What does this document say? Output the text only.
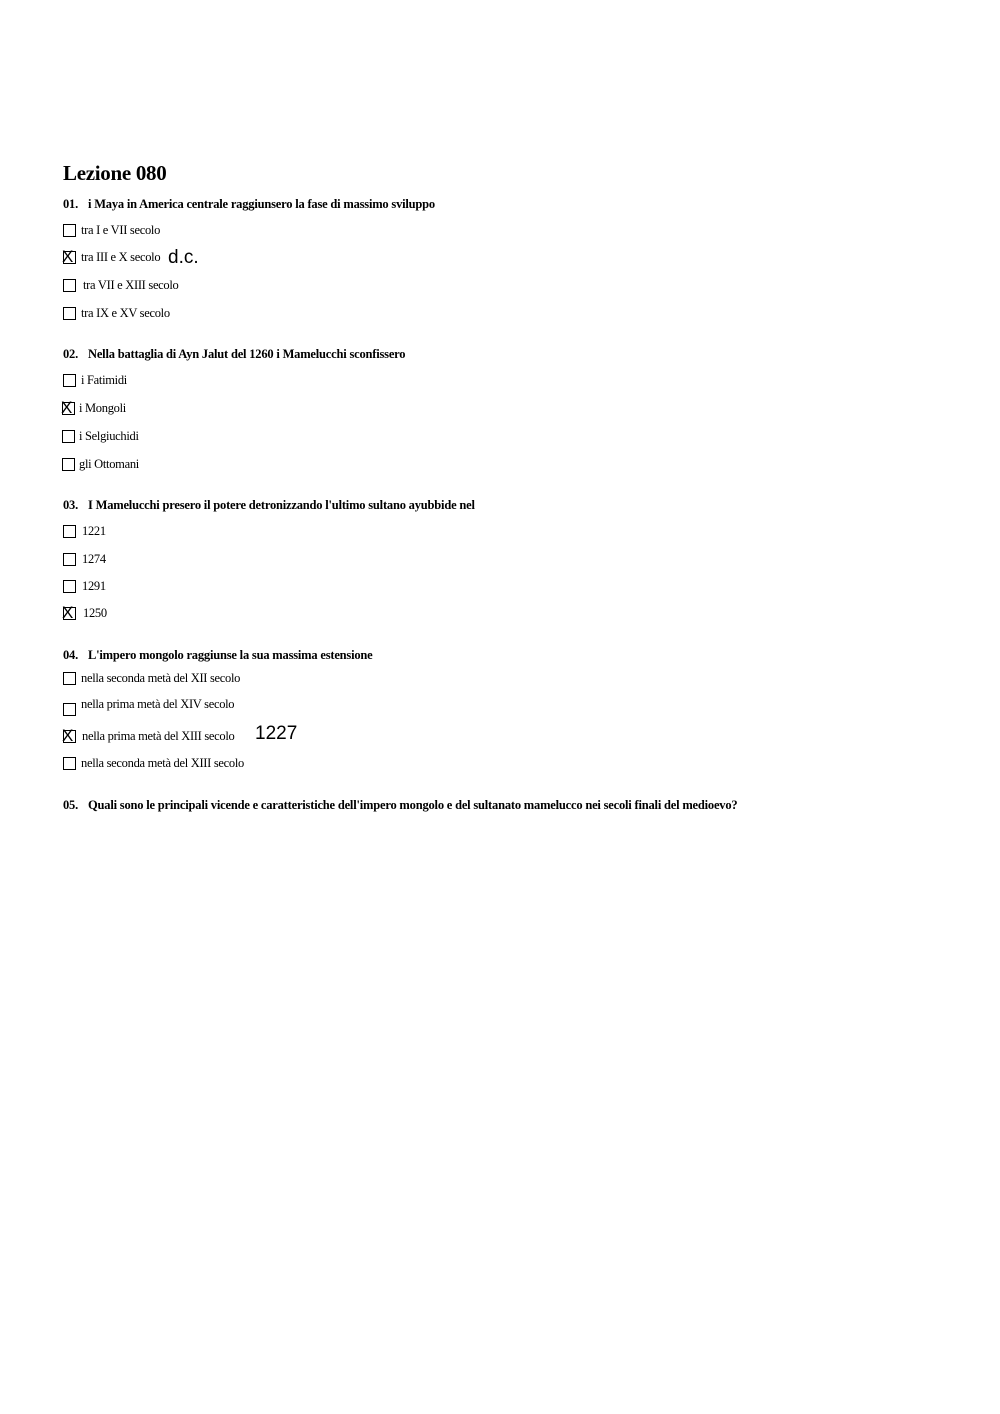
Lezione 080
01. i Maya in America centrale raggiunsero la fase di massimo sviluppo
tra I e VII secolo
X tra III e X secolo d.c.
tra VII e XIII secolo
tra IX e XV secolo
02. Nella battaglia di Ayn Jalut del 1260 i Mamelucchi sconfissero
i Fatimidi
X i Mongoli
i Selgiuchidi
gli Ottomani
03. I Mamelucchi presero il potere detronizzando l'ultimo sultano ayubbide nel
1221
1274
1291
X 1250
04. L'impero mongolo raggiunse la sua massima estensione
nella seconda metà del XII secolo
nella prima metà del XIV secolo
X nella prima metà del XIII secolo 1227
nella seconda metà del XIII secolo
05. Quali sono le principali vicende e caratteristiche dell'impero mongolo e del sultanato mamelucco nei secoli finali del medioevo?
